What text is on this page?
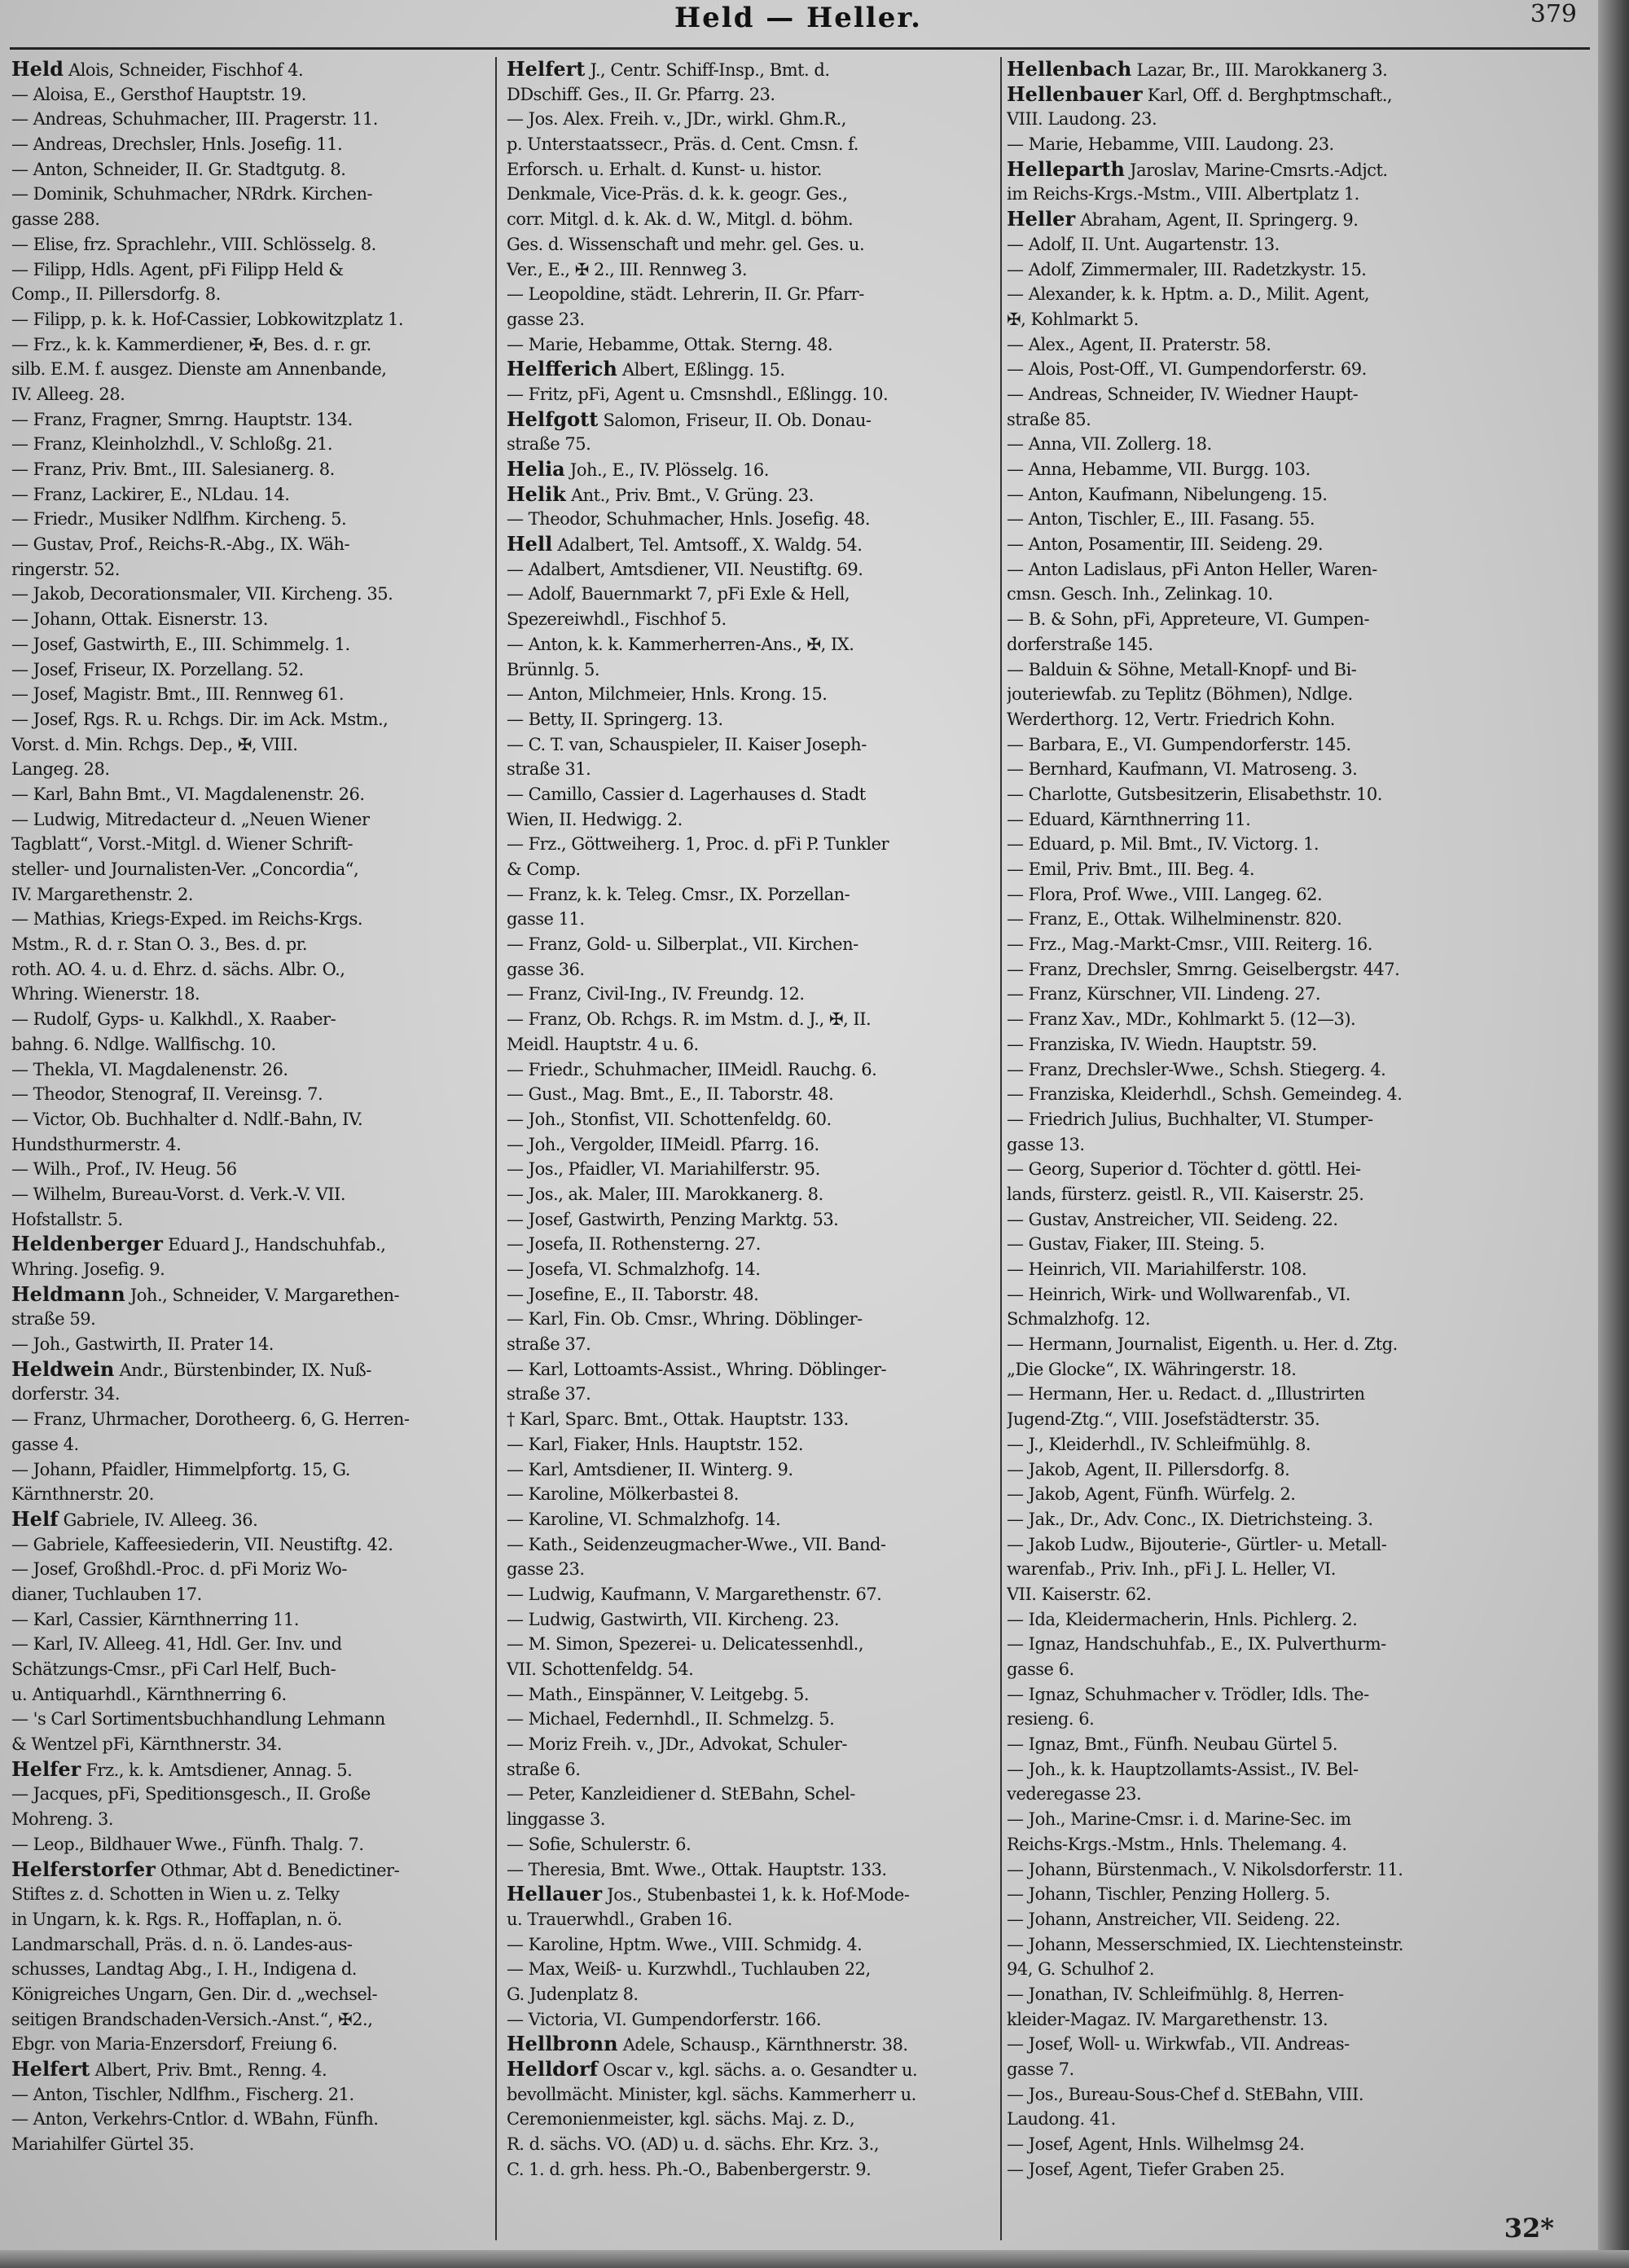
Held — Heller.	379
Held Alois, Schneider, Fischhof 4.
— Aloisa, E., Gersthof Hauptstr. 19.
— Andreas, Schuhmacher, III. Pragerstr. 11.
— Andreas, Drechsler, Hnls. Josefig. 11.
— Anton, Schneider, II. Gr. Stadtgutg. 8.
— Dominik, Schuhmacher, NRdrk. Kirchen-
gasse 288.
— Elise, frz. Sprachlehr., VIII. Schlösselg. 8.
— Filipp, Hdls. Agent, pFi Filipp Held &
Comp., II. Pillersdorfg. 8.
— Filipp, p. k. k. Hof-Cassier, Lobkowitzplatz 1.
— Frz., k. k. Kammerdiener, ✠, Bes. d. r. gr.
silb. E.M. f. ausgez. Dienste am Annenbande,
IV. Alleeg. 28.
— Franz, Fragner, Smrng. Hauptstr. 134.
— Franz, Kleinholzhdl., V. Schloßg. 21.
— Franz, Priv. Bmt., III. Salesianerg. 8.
— Franz, Lackirer, E., NLdau. 14.
— Friedr., Musiker Ndlfhm. Kircheng. 5.
— Gustav, Prof., Reichs-R.-Abg., IX. Wäh-
ringerstr. 52.
— Jakob, Decorationsmaler, VII. Kircheng. 35.
— Johann, Ottak. Eisnerstr. 13.
— Josef, Gastwirth, E., III. Schimmelg. 1.
— Josef, Friseur, IX. Porzellang. 52.
— Josef, Magistr. Bmt., III. Rennweg 61.
— Josef, Rgs. R. u. Rchgs. Dir. im Ack. Mstm.,
Vorst. d. Min. Rchgs. Dep., ✠, VIII.
Langeg. 28.
— Karl, Bahn Bmt., VI. Magdalenenstr. 26.
— Ludwig, Mitredacteur d. „Neuen Wiener
Tagblatt“, Vorst.-Mitgl. d. Wiener Schrift-
steller- und Journalisten-Ver. „Concordia“,
IV. Margarethenstr. 2.
— Mathias, Kriegs-Exped. im Reichs-Krgs.
Mstm., R. d. r. Stan O. 3., Bes. d. pr.
roth. AO. 4. u. d. Ehrz. d. sächs. Albr. O.,
Whring. Wienerstr. 18.
— Rudolf, Gyps- u. Kalkhdl., X. Raaber-
bahng. 6. Ndlge. Wallfischg. 10.
— Thekla, VI. Magdalenenstr. 26.
— Theodor, Stenograf, II. Vereinsg. 7.
— Victor, Ob. Buchhalter d. Ndlf.-Bahn, IV.
Hundsthurmerstr. 4.
— Wilh., Prof., IV. Heug. 56
— Wilhelm, Bureau-Vorst. d. Verk.-V. VII.
Hofstallstr. 5.
Heldenberger Eduard J., Handschuhfab.,
Whring. Josefig. 9.
Heldmann Joh., Schneider, V. Margarethen-
straße 59.
— Joh., Gastwirth, II. Prater 14.
Heldwein Andr., Bürstenbinder, IX. Nuß-
dorferstr. 34.
— Franz, Uhrmacher, Dorotheerg. 6, G. Herren-
gasse 4.
— Johann, Pfaidler, Himmelpfortg. 15, G.
Kärnthnerstr. 20.
Helf Gabriele, IV. Alleeg. 36.
— Gabriele, Kaffeesiederin, VII. Neustiftg. 42.
— Josef, Großhdl.-Proc. d. pFi Moriz Wo-
dianer, Tuchlauben 17.
— Karl, Cassier, Kärnthnerring 11.
— Karl, IV. Alleeg. 41, Hdl. Ger. Inv. und
Schätzungs-Cmsr., pFi Carl Helf, Buch-
u. Antiquarhdl., Kärnthnerring 6.
— 's Carl Sortimentsbuchhandlung Lehmann
& Wentzel pFi, Kärnthnerstr. 34.
Helfer Frz., k. k. Amtsdiener, Annag. 5.
— Jacques, pFi, Speditionsgesch., II. Große
Mohreng. 3.
— Leop., Bildhauer Wwe., Fünfh. Thalg. 7.
Helferstorfer Othmar, Abt d. Benedictiner-
Stiftes z. d. Schotten in Wien u. z. Telky
in Ungarn, k. k. Rgs. R., Hoffaplan, n. ö.
Landmarschall, Präs. d. n. ö. Landes-aus-
schusses, Landtag Abg., I. H., Indigena d.
Königreiches Ungarn, Gen. Dir. d. „wechsel-
seitigen Brandschaden-Versich.-Anst.“, ✠2.,
Ebgr. von Maria-Enzersdorf, Freiung 6.
Helfert Albert, Priv. Bmt., Renng. 4.
— Anton, Tischler, Ndlfhm., Fischerg. 21.
— Anton, Verkehrs-Cntlor. d. WBahn, Fünfh.
Mariahilfer Gürtel 35.
Helfert J., Centr. Schiff-Insp., Bmt. d.
DDschiff. Ges., II. Gr. Pfarrg. 23.
— Jos. Alex. Freih. v., JDr., wirkl. Ghm.R.,
p. Unterstaatssecr., Präs. d. Cent. Cmsn. f.
Erforsch. u. Erhalt. d. Kunst- u. histor.
Denkmale, Vice-Präs. d. k. k. geogr. Ges.,
corr. Mitgl. d. k. Ak. d. W., Mitgl. d. böhm.
Ges. d. Wissenschaft und mehr. gel. Ges. u.
Ver., E., ✠ 2., III. Rennweg 3.
— Leopoldine, städt. Lehrerin, II. Gr. Pfarr-
gasse 23.
— Marie, Hebamme, Ottak. Sterng. 48.
Helfferich Albert, Eßlingg. 15.
— Fritz, pFi, Agent u. Cmsnshdl., Eßlingg. 10.
Helfgott Salomon, Friseur, II. Ob. Donau-
straße 75.
Helia Joh., E., IV. Plösselg. 16.
Helik Ant., Priv. Bmt., V. Grüng. 23.
— Theodor, Schuhmacher, Hnls. Josefig. 48.
Hell Adalbert, Tel. Amtsoff., X. Waldg. 54.
— Adalbert, Amtsdiener, VII. Neustiftg. 69.
— Adolf, Bauernmarkt 7, pFi Exle & Hell,
Spezereiwhdl., Fischhof 5.
— Anton, k. k. Kammerherren-Ans., ✠, IX.
Brünnlg. 5.
— Anton, Milchmeier, Hnls. Krong. 15.
— Betty, II. Springerg. 13.
— C. T. van, Schauspieler, II. Kaiser Joseph-
straße 31.
— Camillo, Cassier d. Lagerhauses d. Stadt
Wien, II. Hedwigg. 2.
— Frz., Göttweiherg. 1, Proc. d. pFi P. Tunkler
& Comp.
— Franz, k. k. Teleg. Cmsr., IX. Porzellan-
gasse 11.
— Franz, Gold- u. Silberplat., VII. Kirchen-
gasse 36.
— Franz, Civil-Ing., IV. Freundg. 12.
— Franz, Ob. Rchgs. R. im Mstm. d. J., ✠, II.
Meidl. Hauptstr. 4 u. 6.
— Friedr., Schuhmacher, IIMeidl. Rauchg. 6.
— Gust., Mag. Bmt., E., II. Taborstr. 48.
— Joh., Stonfist, VII. Schottenfeldg. 60.
— Joh., Vergolder, IIMeidl. Pfarrg. 16.
— Jos., Pfaidler, VI. Mariahilferstr. 95.
— Jos., ak. Maler, III. Marokkanerg. 8.
— Josef, Gastwirth, Penzing Marktg. 53.
— Josefa, II. Rothensterng. 27.
— Josefa, VI. Schmalzhofg. 14.
— Josefine, E., II. Taborstr. 48.
— Karl, Fin. Ob. Cmsr., Whring. Döblinger-
straße 37.
— Karl, Lottoamts-Assist., Whring. Döblinger-
straße 37.
† Karl, Sparc. Bmt., Ottak. Hauptstr. 133.
— Karl, Fiaker, Hnls. Hauptstr. 152.
— Karl, Amtsdiener, II. Winterg. 9.
— Karoline, Mölkerbastei 8.
— Karoline, VI. Schmalzhofg. 14.
— Kath., Seidenzeugmacher-Wwe., VII. Band-
gasse 23.
— Ludwig, Kaufmann, V. Margarethenstr. 67.
— Ludwig, Gastwirth, VII. Kircheng. 23.
— M. Simon, Spezerei- u. Delicatessenhdl.,
VII. Schottenfeldg. 54.
— Math., Einspänner, V. Leitgebg. 5.
— Michael, Federnhdl., II. Schmelzg. 5.
— Moriz Freih. v., JDr., Advokat, Schuler-
straße 6.
— Peter, Kanzleidiener d. StEBahn, Schel-
linggasse 3.
— Sofie, Schulerstr. 6.
— Theresia, Bmt. Wwe., Ottak. Hauptstr. 133.
Hellauer Jos., Stubenbastei 1, k. k. Hof-Mode-
u. Trauerwhdl., Graben 16.
— Karoline, Hptm. Wwe., VIII. Schmidg. 4.
— Max, Weiß- u. Kurzwhdl., Tuchlauben 22,
G. Judenplatz 8.
— Victoria, VI. Gumpendorferstr. 166.
Hellbronn Adele, Schausp., Kärnthnerstr. 38.
Helldorf Oscar v., kgl. sächs. a. o. Gesandter u.
bevollmächt. Minister, kgl. sächs. Kammerherr u.
Ceremonienmeister, kgl. sächs. Maj. z. D.,
R. d. sächs. VO. (AD) u. d. sächs. Ehr. Krz. 3.,
C. 1. d. grh. hess. Ph.-O., Babenbergerstr. 9.
Hellenbach Lazar, Br., III. Marokkanerg 3.
Hellenbauer Karl, Off. d. Berghptmschaft.,
VIII. Laudong. 23.
— Marie, Hebamme, VIII. Laudong. 23.
Helleparth Jaroslav, Marine-Cmsrts.-Adjct.
im Reichs-Krgs.-Mstm., VIII. Albertplatz 1.
Heller Abraham, Agent, II. Springerg. 9.
— Adolf, II. Unt. Augartenstr. 13.
— Adolf, Zimmermaler, III. Radetzkystr. 15.
— Alexander, k. k. Hptm. a. D., Milit. Agent,
✠, Kohlmarkt 5.
— Alex., Agent, II. Praterstr. 58.
— Alois, Post-Off., VI. Gumpendorferstr. 69.
— Andreas, Schneider, IV. Wiedner Haupt-
straße 85.
— Anna, VII. Zollerg. 18.
— Anna, Hebamme, VII. Burgg. 103.
— Anton, Kaufmann, Nibelungeng. 15.
— Anton, Tischler, E., III. Fasang. 55.
— Anton, Posamentir, III. Seideng. 29.
— Anton Ladislaus, pFi Anton Heller, Waren-
cmsn. Gesch. Inh., Zelinkag. 10.
— B. & Sohn, pFi, Appreteure, VI. Gumpen-
dorferstraße 145.
— Balduin & Söhne, Metall-Knopf- und Bi-
jouteriewfab. zu Teplitz (Böhmen), Ndlge.
Werderthorg. 12, Vertr. Friedrich Kohn.
— Barbara, E., VI. Gumpendorferstr. 145.
— Bernhard, Kaufmann, VI. Matroseng. 3.
— Charlotte, Gutsbesitzerin, Elisabethstr. 10.
— Eduard, Kärnthnerring 11.
— Eduard, p. Mil. Bmt., IV. Victorg. 1.
— Emil, Priv. Bmt., III. Beg. 4.
— Flora, Prof. Wwe., VIII. Langeg. 62.
— Franz, E., Ottak. Wilhelminenstr. 820.
— Frz., Mag.-Markt-Cmsr., VIII. Reiterg. 16.
— Franz, Drechsler, Smrng. Geiselbergstr. 447.
— Franz, Kürschner, VII. Lindeng. 27.
— Franz Xav., MDr., Kohlmarkt 5. (12—3).
— Franziska, IV. Wiedn. Hauptstr. 59.
— Franz, Drechsler-Wwe., Schsh. Stiegerg. 4.
— Franziska, Kleiderhdl., Schsh. Gemeindeg. 4.
— Friedrich Julius, Buchhalter, VI. Stumper-
gasse 13.
— Georg, Superior d. Töchter d. göttl. Hei-
lands, fürsterz. geistl. R., VII. Kaiserstr. 25.
— Gustav, Anstreicher, VII. Seideng. 22.
— Gustav, Fiaker, III. Steing. 5.
— Heinrich, VII. Mariahilferstr. 108.
— Heinrich, Wirk- und Wollwarenfab., VI.
Schmalzhofg. 12.
— Hermann, Journalist, Eigenth. u. Her. d. Ztg.
„Die Glocke“, IX. Währingerstr. 18.
— Hermann, Her. u. Redact. d. „Illustrirten
Jugend-Ztg.“, VIII. Josefstädterstr. 35.
— J., Kleiderhdl., IV. Schleifmühlg. 8.
— Jakob, Agent, II. Pillersdorfg. 8.
— Jakob, Agent, Fünfh. Würfelg. 2.
— Jak., Dr., Adv. Conc., IX. Dietrichsteing. 3.
— Jakob Ludw., Bijouterie-, Gürtler- u. Metall-
warenfab., Priv. Inh., pFi J. L. Heller, VI.
VII. Kaiserstr. 62.
— Ida, Kleidermacherin, Hnls. Pichlerg. 2.
— Ignaz, Handschuhfab., E., IX. Pulverthurm-
gasse 6.
— Ignaz, Schuhmacher v. Trödler, Idls. The-
resieng. 6.
— Ignaz, Bmt., Fünfh. Neubau Gürtel 5.
— Joh., k. k. Hauptzollamts-Assist., IV. Bel-
vederegasse 23.
— Joh., Marine-Cmsr. i. d. Marine-Sec. im
Reichs-Krgs.-Mstm., Hnls. Thelemang. 4.
— Johann, Bürstenmach., V. Nikolsdorferstr. 11.
— Johann, Tischler, Penzing Hollerg. 5.
— Johann, Anstreicher, VII. Seideng. 22.
— Johann, Messerschmied, IX. Liechtensteinstr.
94, G. Schulhof 2.
— Jonathan, IV. Schleifmühlg. 8, Herren-
kleider-Magaz. IV. Margarethenstr. 13.
— Josef, Woll- u. Wirkwfab., VII. Andreas-
gasse 7.
— Jos., Bureau-Sous-Chef d. StEBahn, VIII.
Laudong. 41.
— Josef, Agent, Hnls. Wilhelmsg 24.
— Josef, Agent, Tiefer Graben 25.
32*
